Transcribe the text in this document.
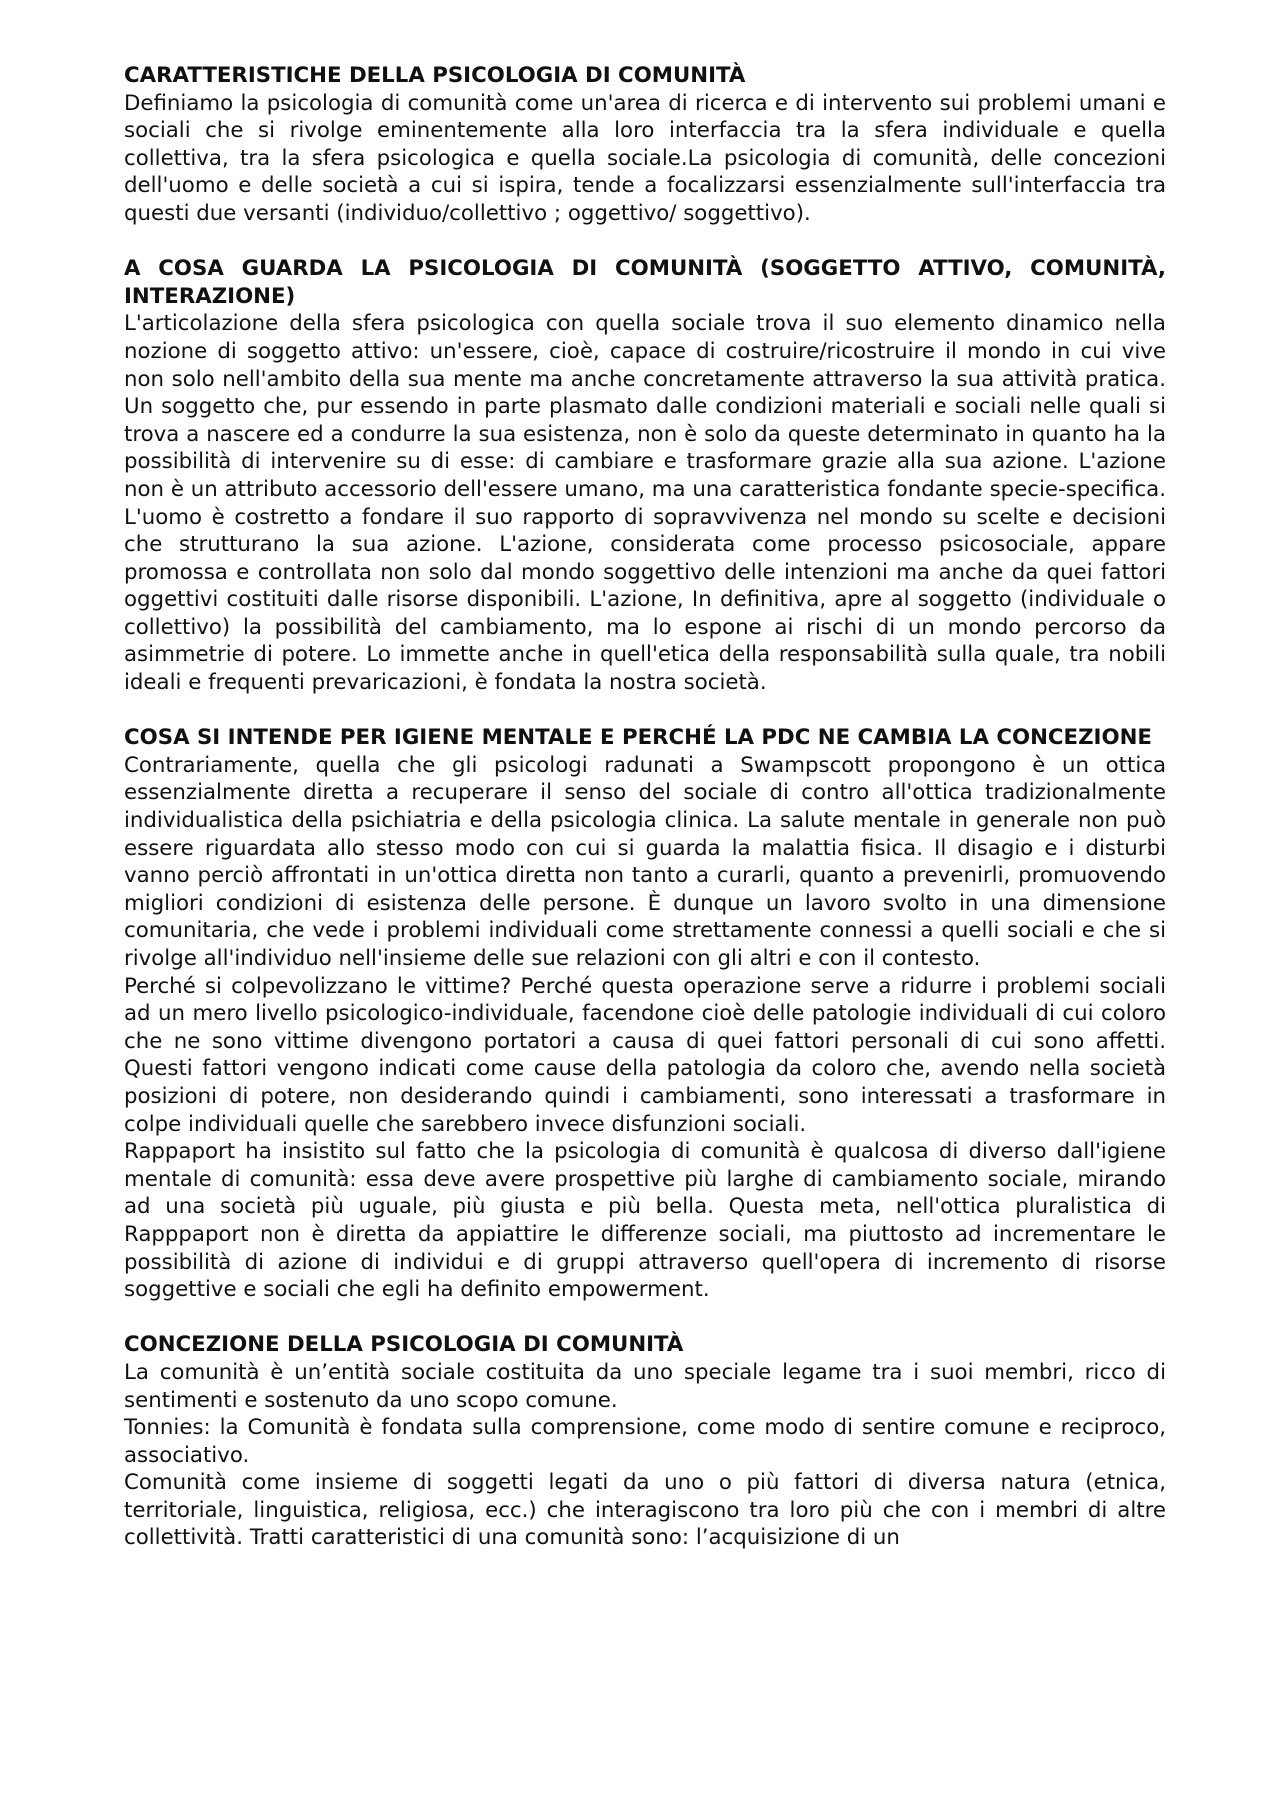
CARATTERISTICHE DELLA PSICOLOGIA DI COMUNITÀ
Definiamo la psicologia di comunità come un'area di ricerca e di intervento sui problemi umani e sociali che si rivolge eminentemente alla loro interfaccia tra la sfera individuale e quella collettiva, tra la sfera psicologica e quella sociale.La psicologia di comunità, delle concezioni dell'uomo e delle società a cui si ispira, tende a focalizzarsi essenzialmente sull'interfaccia tra questi due versanti (individuo/collettivo ; oggettivo/ soggettivo).
A COSA GUARDA LA PSICOLOGIA DI COMUNITÀ (SOGGETTO ATTIVO, COMUNITÀ, INTERAZIONE)
L'articolazione della sfera psicologica con quella sociale trova il suo elemento dinamico nella nozione di soggetto attivo: un'essere, cioè, capace di costruire/ricostruire il mondo in cui vive non solo nell'ambito della sua mente ma anche concretamente attraverso la sua attività pratica. Un soggetto che, pur essendo in parte plasmato dalle condizioni materiali e sociali nelle quali si trova a nascere ed a condurre la sua esistenza, non è solo da queste determinato in quanto ha la possibilità di intervenire su di esse: di cambiare e trasformare grazie alla sua azione. L'azione non è un attributo accessorio dell'essere umano, ma una caratteristica fondante specie-specifica. L'uomo è costretto a fondare il suo rapporto di sopravvivenza nel mondo su scelte e decisioni che strutturano la sua azione. L'azione, considerata come processo psicosociale, appare promossa e controllata non solo dal mondo soggettivo delle intenzioni ma anche da quei fattori oggettivi costituiti dalle risorse disponibili. L'azione, In definitiva, apre al soggetto (individuale o collettivo) la possibilità del cambiamento, ma lo espone ai rischi di un mondo percorso da asimmetrie di potere. Lo immette anche in quell'etica della responsabilità sulla quale, tra nobili ideali e frequenti prevaricazioni, è fondata la nostra società.
COSA SI INTENDE PER IGIENE MENTALE E PERCHÉ LA PDC NE CAMBIA LA CONCEZIONE
Contrariamente, quella che gli psicologi radunati a Swampscott propongono è un ottica essenzialmente diretta a recuperare il senso del sociale di contro all'ottica tradizionalmente individualistica della psichiatria e della psicologia clinica. La salute mentale in generale non può essere riguardata allo stesso modo con cui si guarda la malattia fisica. Il disagio e i disturbi vanno perciò affrontati in un'ottica diretta non tanto a curarli, quanto a prevenirli, promuovendo migliori condizioni di esistenza delle persone. È dunque un lavoro svolto in una dimensione comunitaria, che vede i problemi individuali come strettamente connessi a quelli sociali e che si rivolge all'individuo nell'insieme delle sue relazioni con gli altri e con il contesto.
Perché si colpevolizzano le vittime? Perché questa operazione serve a ridurre i problemi sociali ad un mero livello psicologico-individuale, facendone cioè delle patologie individuali di cui coloro che ne sono vittime divengono portatori a causa di quei fattori personali di cui sono affetti. Questi fattori vengono indicati come cause della patologia da coloro che, avendo nella società posizioni di potere, non desiderando quindi i cambiamenti, sono interessati a trasformare in colpe individuali quelle che sarebbero invece disfunzioni sociali.
Rappaport ha insistito sul fatto che la psicologia di comunità è qualcosa di diverso dall'igiene mentale di comunità: essa deve avere prospettive più larghe di cambiamento sociale, mirando ad una società più uguale, più giusta e più bella. Questa meta, nell'ottica pluralistica di Rapppaport non è diretta da appiattire le differenze sociali, ma piuttosto ad incrementare le possibilità di azione di individui e di gruppi attraverso quell'opera di incremento di risorse soggettive e sociali che egli ha definito empowerment.
CONCEZIONE DELLA PSICOLOGIA DI COMUNITÀ
La comunità è un’entità sociale costituita da uno speciale legame tra i suoi membri, ricco di sentimenti e sostenuto da uno scopo comune.
Tonnies: la Comunità è fondata sulla comprensione, come modo di sentire comune e reciproco, associativo.
Comunità come insieme di soggetti legati da uno o più fattori di diversa natura (etnica, territoriale, linguistica, religiosa, ecc.) che interagiscono tra loro più che con i membri di altre collettività. Tratti caratteristici di una comunità sono: l’acquisizione di un
